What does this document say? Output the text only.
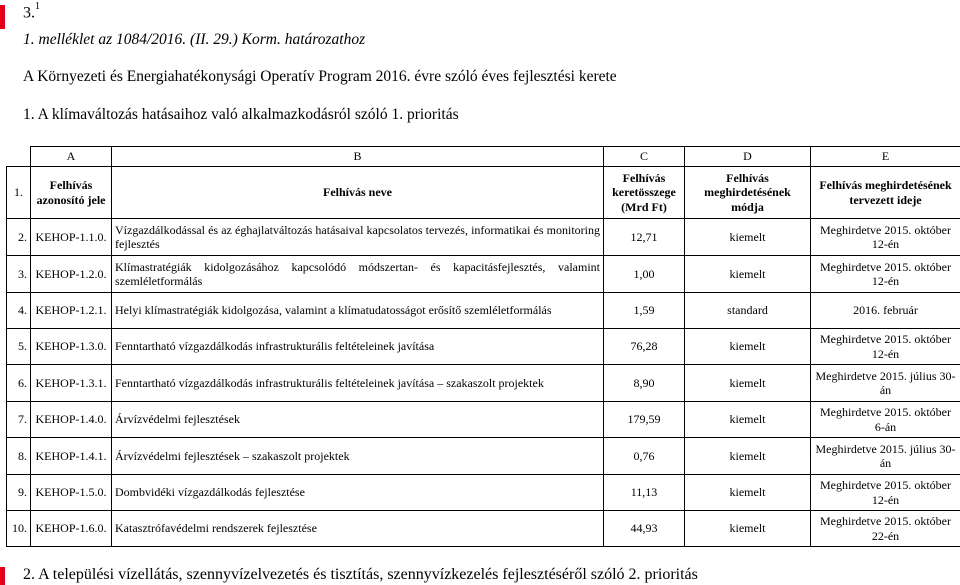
3.$^1$
1. melléklet az 1084/2016. (II. 29.) Korm. határozathoz
A Környezeti és Energiahatékonysági Operatív Program 2016. évre szóló éves fejlesztési kerete
1. A klímaváltozás hatásaihoz való alkalmazkodásról szóló 1. prioritás
	A	B	C	D	E
1.	Felhívás azonosító jele	Felhívás neve	Felhívás keretösszege (Mrd Ft)	Felhívás meghirdetésének módja	Felhívás meghirdetésének tervezett ideje
2.	KEHOP-1.1.0.	Vízgazdálkodással és az éghajlatváltozás hatásaival kapcsolatos tervezés, informatikai és monitoring fejlesztés	12,71	kiemelt	Meghirdetve 2015. október 12-én
3.	KEHOP-1.2.0.	Klímastratégiák kidolgozásához kapcsolódó módszertan- és kapacitásfejlesztés, valamint szemléletformálás	1,00	kiemelt	Meghirdetve 2015. október 12-én
4.	KEHOP-1.2.1.	Helyi klímastratégiák kidolgozása, valamint a klímatudatosságot erősítő szemléletformálás	1,59	standard	2016. február
5.	KEHOP-1.3.0.	Fenntartható vízgazdálkodás infrastrukturális feltételeinek javítása	76,28	kiemelt	Meghirdetve 2015. október 12-én
6.	KEHOP-1.3.1.	Fenntartható vízgazdálkodás infrastrukturális feltételeinek javítása – szakaszolt projektek	8,90	kiemelt	Meghirdetve 2015. július 30-án
7.	KEHOP-1.4.0.	Árvízvédelmi fejlesztések	179,59	kiemelt	Meghirdetve 2015. október 6-án
8.	KEHOP-1.4.1.	Árvízvédelmi fejlesztések – szakaszolt projektek	0,76	kiemelt	Meghirdetve 2015. július 30-án
9.	KEHOP-1.5.0.	Dombvidéki vízgazdálkodás fejlesztése	11,13	kiemelt	Meghirdetve 2015. október 12-én
10.	KEHOP-1.6.0.	Katasztrófavédelmi rendszerek fejlesztése	44,93	kiemelt	Meghirdetve 2015. október 22-én
2. A települési vízellátás, szennyvízelvezetés és tisztítás, szennyvízkezelés fejlesztéséről szóló 2. prioritás
